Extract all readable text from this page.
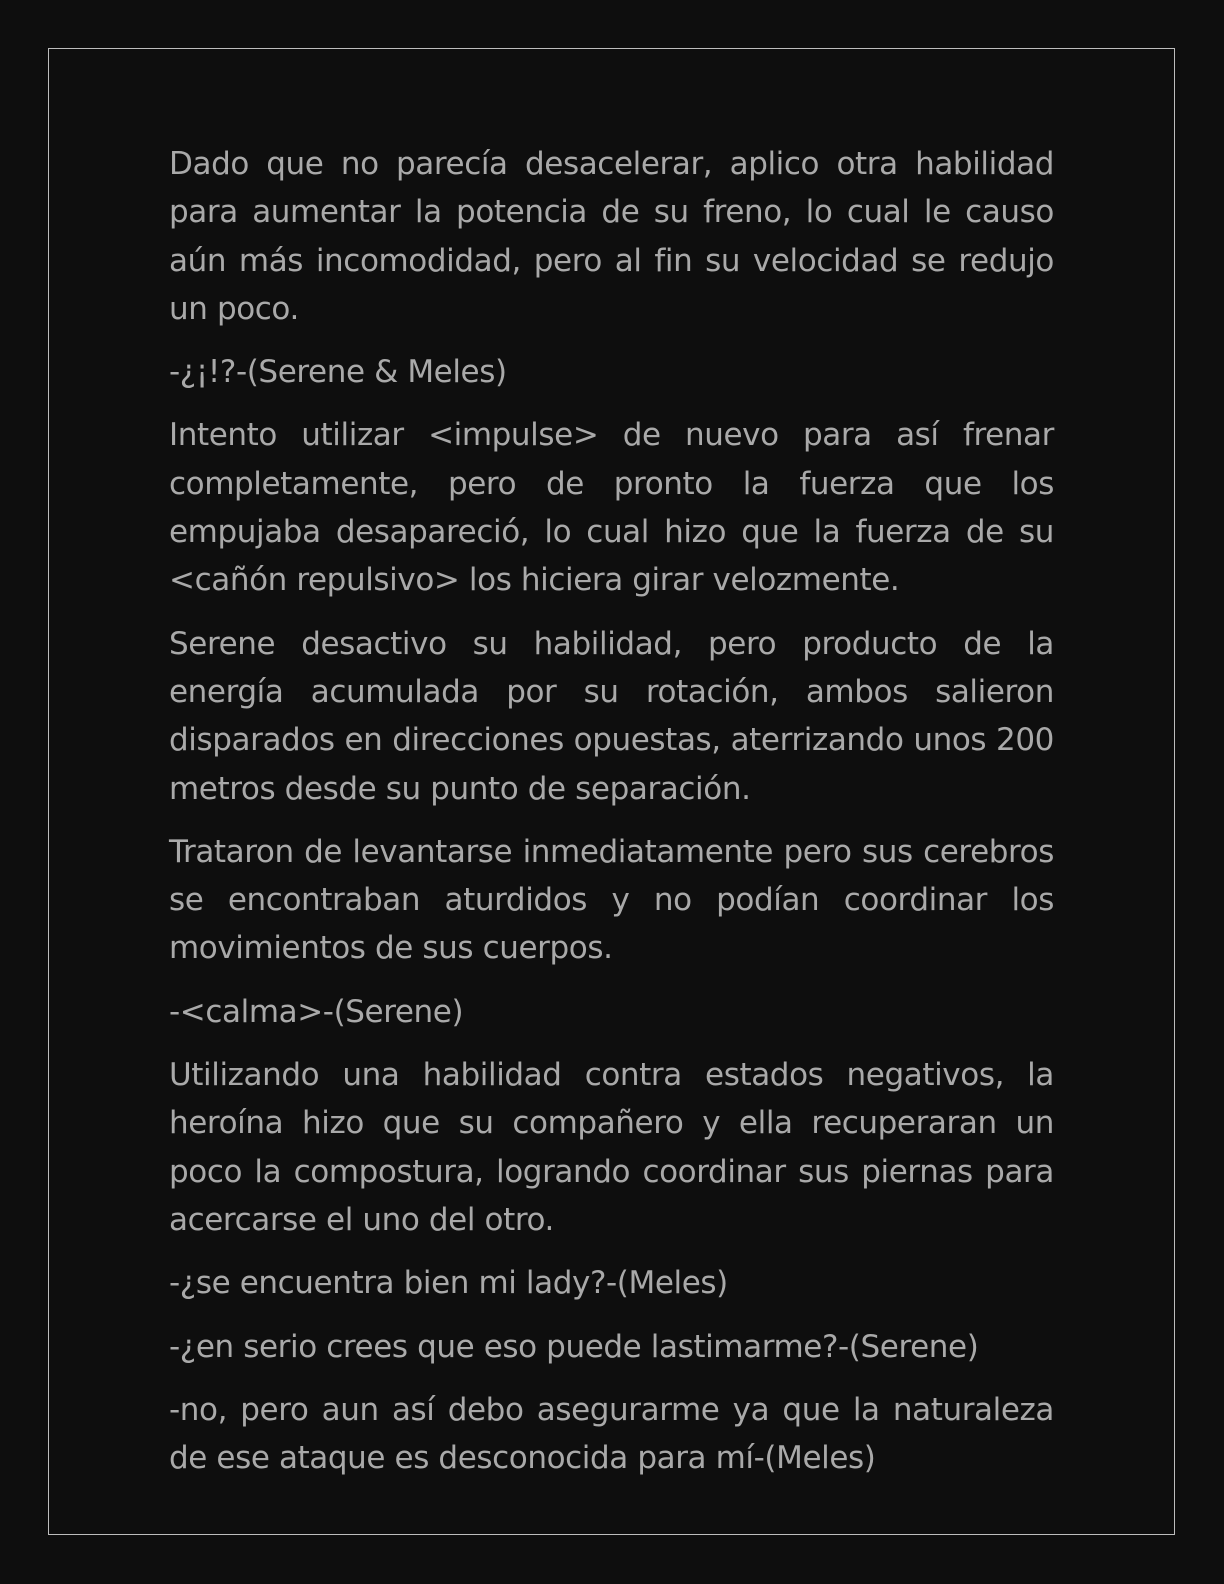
Dado que no parecía desacelerar, aplico otra habilidad para aumentar la potencia de su freno, lo cual le causo aún más incomodidad, pero al fin su velocidad se redujo un poco.

-¿¡!?-(Serene & Meles)

Intento utilizar <impulse> de nuevo para así frenar completamente, pero de pronto la fuerza que los empujaba desapareció, lo cual hizo que la fuerza de su <cañón repulsivo> los hiciera girar velozmente.

Serene desactivo su habilidad, pero producto de la energía acumulada por su rotación, ambos salieron disparados en direcciones opuestas, aterrizando unos 200 metros desde su punto de separación.

Trataron de levantarse inmediatamente pero sus cerebros se encontraban aturdidos y no podían coordinar los movimientos de sus cuerpos.

-<calma>-(Serene)

Utilizando una habilidad contra estados negativos, la heroína hizo que su compañero y ella recuperaran un poco la compostura, logrando coordinar sus piernas para acercarse el uno del otro.

-¿se encuentra bien mi lady?-(Meles)

-¿en serio crees que eso puede lastimarme?-(Serene)

-no, pero aun así debo asegurarme ya que la naturaleza de ese ataque es desconocida para mí-(Meles)
